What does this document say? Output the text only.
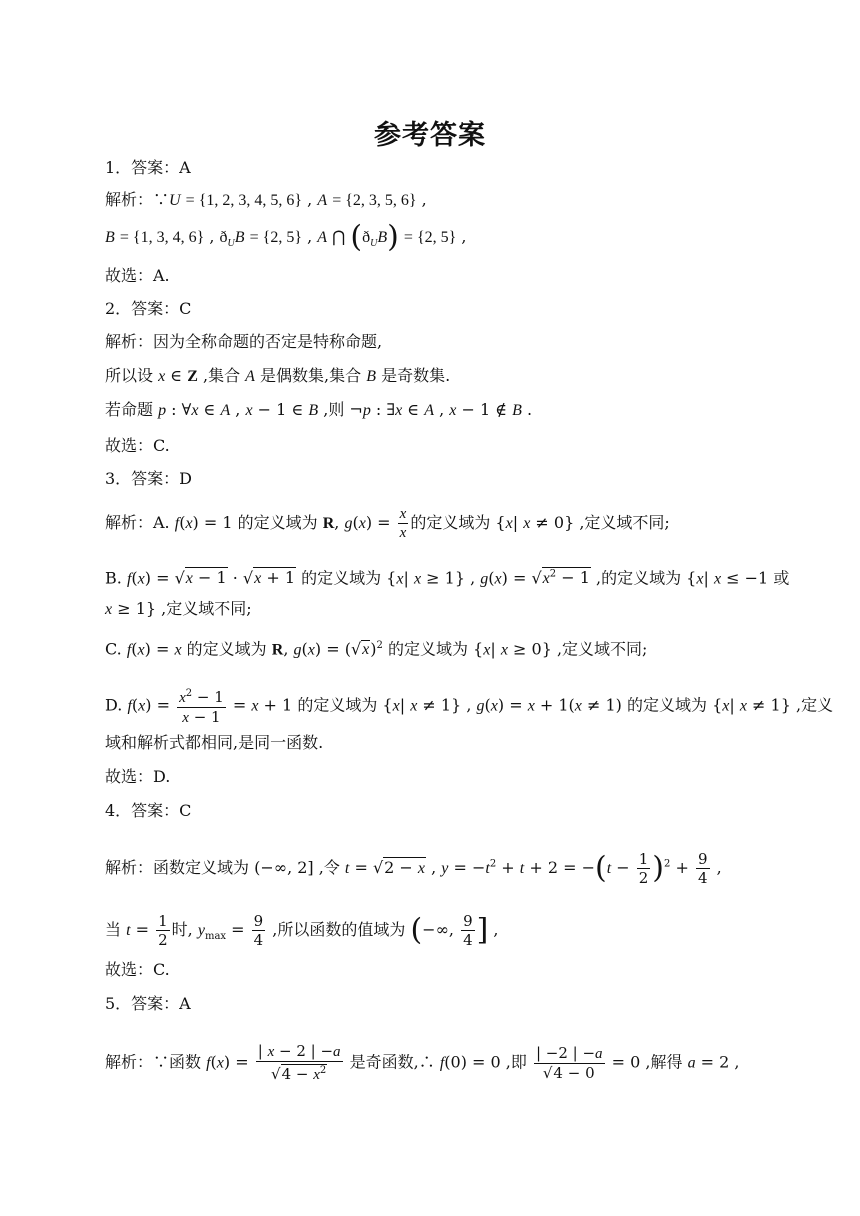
参考答案
1．答案：A
解析：∵U = {1, 2, 3, 4, 5, 6} , A = {2, 3, 5, 6} ,
B = {1, 3, 4, 6} , $ð_UB = \{2$, 5} , A ⋂ $(ð_UB) = \{2$, 5} ,
故选：A.
2．答案：C
解析：因为全称命题的否定是特称命题,
所以设 x ∈ Z ,集合 A 是偶数集,集合 B 是奇数集.
若命题 p : ∀x ∈ A , x − 1 ∈ B ,则 ¬p : ∃x ∈ A , x − 1 ∉ B .
故选：C.
3．答案：D
解析：A. f(x) = 1 的定义域为 R, $g(x) = \frac{x}{x}$ 的定义域为 {x| x ≠ 0} ,定义域不同;
B. f(x) = √x − 1 · √x + 1 的定义域为 {x| x ≥ 1} , $g(x) = √x^2 - 1$ ,的定义域为 {x| x ≤ −1 或
x ≥ 1} ,定义域不同;
C. f(x) = x 的定义域为 R, $g(x) = (√x)^2$ 的定义域为 {x| x ≥ 0} ,定义域不同;
D. $f(x) = \frac{x^2 - 1}{x - 1} = x + 1$ 的定义域为 {x| x ≠ 1} , g(x) = x + 1(x ≠ 1) 的定义域为 {x| x ≠ 1} ,定义
域和解析式都相同,是同一函数.
故选：D.
4．答案：C
解析：函数定义域为 (−∞, 2] ,令 t = √2 − x , $y = -t^2 + t + 2 = -(t - \frac{1}{2} )^2 + \frac{9}{4}$ ,
当 $t = \frac{1}{2}$ 时, $y_{max} = \frac{9}{4}$ ,所以函数的值域为 (−∞, $\frac{9}{4}$ ] ,
故选：C.
5．答案：A
解析：∵函数 $f(x) = \frac{| x - 2 | -a}{√4 - x^2}$ 是奇函数,∴ f(0) = 0 ,即 $\frac{| -2 | -a}{√4 - 0} = 0$ ,解得 a = 2 ,
